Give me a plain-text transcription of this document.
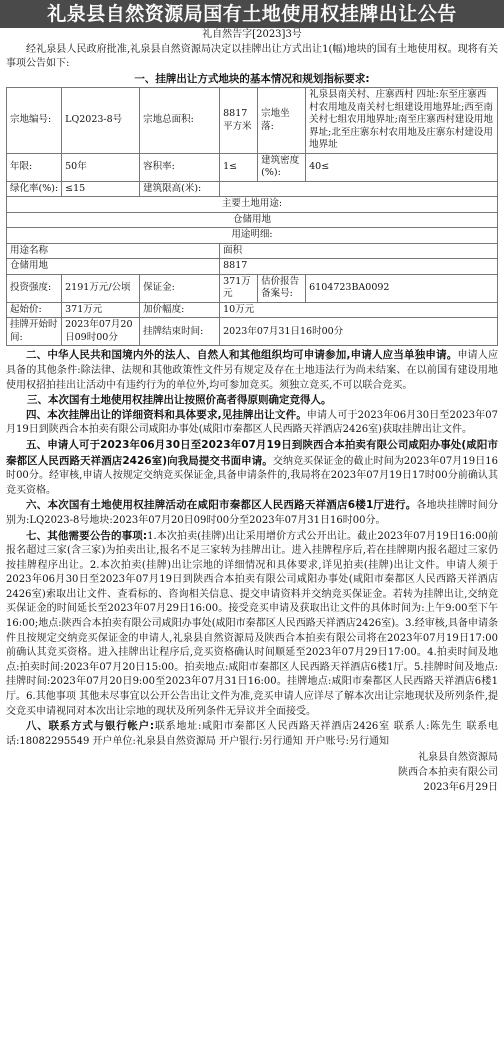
礼泉县自然资源局国有土地使用权挂牌出让公告
礼自然告字[2023]3号

经礼泉县人民政府批准,礼泉县自然资源局决定以挂牌出让方式出让1(幅)地块的国有土地使用权。现将有关事项公告如下:

一、挂牌出让方式地块的基本情况和规划指标要求:
宗地编号:	LQ2023-8号	宗地总面积:	8817平方米	宗地坐落:	礼泉县南关村、庄寨西村 四址:东至庄寨西村农用地及南关村七组建设用地界址;西至南关村七组农用地界址;南至庄寨西村建设用地界址;北至庄寨东村农用地及庄寨东村建设用地界址
年限:	50年	容积率:	1≤	建筑密度(%):	40≤
绿化率(%):	≤15	建筑限高(米):			
主要土地用途:					
仓储用地					
用途明细:					
用途名称			面积		
仓储用地			8817		
投资强度:	2191万元/公顷	保证金:	371万元	估价报告备案号:	6104723BA0092
起始价:	371万元	加价幅度:	10万元		
挂牌开始时间:	2023年07月20日09时00分	挂牌结束时间:	2023年07月31日16时00分		

二、中华人民共和国境内外的法人、自然人和其他组织均可申请参加,申请人应当单独申请。申请人应具备的其他条件:除法律、法规和其他政策性文件另有规定及存在土地违法行为尚未结案、在以前国有建设用地使用权招拍挂出让活动中有违约行为的单位外,均可参加竞买。须独立竞买,不可以联合竞买。

三、本次国有土地使用权挂牌出让按照价高者得原则确定竞得人。

四、本次挂牌出让的详细资料和具体要求,见挂牌出让文件。申请人可于2023年06月30日至2023年07月19日到陕西合本拍卖有限公司咸阳办事处(咸阳市秦都区人民西路天祥酒店2426室)获取挂牌出让文件。

五、申请人可于2023年06月30日至2023年07月19日到陕西合本拍卖有限公司咸阳办事处(咸阳市秦都区人民西路天祥酒店2426室)向我局提交书面申请。交纳竞买保证金的截止时间为2023年07月19日16时00分。经审核,申请人按规定交纳竞买保证金,具备申请条件的,我局将在2023年07月19日17时00分前确认其竞买资格。

六、本次国有土地使用权挂牌活动在咸阳市秦都区人民西路天祥酒店6楼1厅进行。各地块挂牌时间分别为:LQ2023-8号地块:2023年07月20日09时00分至2023年07月31日16时00分。

七、其他需要公告的事项:1.本次拍卖(挂牌)出让采用增价方式公开出让。截止2023年07月19日16:00前报名超过三家(含三家)为拍卖出让,报名不足三家转为挂牌出让。进入挂牌程序后,若在挂牌期内报名超过三家仍按挂牌程序出让。2.本次拍卖(挂牌)出让宗地的详细情况和具体要求,详见拍卖(挂牌)出让文件。申请人须于2023年06月30日至2023年07月19日到陕西合本拍卖有限公司咸阳办事处(咸阳市秦都区人民西路天祥酒店2426室)索取出让文件、查看标的、咨询相关信息、提交申请资料并交纳竞买保证金。若转为挂牌出让,交纳竞买保证金的时间延长至2023年07月29日16:00。接受竞买申请及获取出让文件的具体时间为:上午9:00至下午16:00;地点:陕西合本拍卖有限公司咸阳办事处(咸阳市秦都区人民西路天祥酒店2426室)。3.经审核,具备申请条件且按规定交纳竞买保证金的申请人,礼泉县自然资源局及陕西合本拍卖有限公司将在2023年07月19日17:00前确认其竞买资格。进入挂牌出让程序后,竞买资格确认时间顺延至2023年07月29日17:00。4.拍卖时间及地点:拍卖时间:2023年07月20日15:00。拍卖地点:咸阳市秦都区人民西路天祥酒店6楼1厅。5.挂牌时间及地点:挂牌时间:2023年07月20日9:00至2023年07月31日16:00。挂牌地点:咸阳市秦都区人民西路天祥酒店6楼1厅。6.其他事项 其他未尽事宜以公开公告出让文件为准,竞买申请人应详尽了解本次出让宗地现状及所列条件,提交竞买申请视同对本次出让宗地的现状及所列条件无异议并全面接受。

八、联系方式与银行帐户:联系地址:咸阳市秦都区人民西路天祥酒店2426室 联系人:陈先生 联系电话:18082295549 开户单位:礼泉县自然资源局 开户银行:另行通知 开户账号:另行通知

礼泉县自然资源局
陕西合本拍卖有限公司
2023年6月29日
